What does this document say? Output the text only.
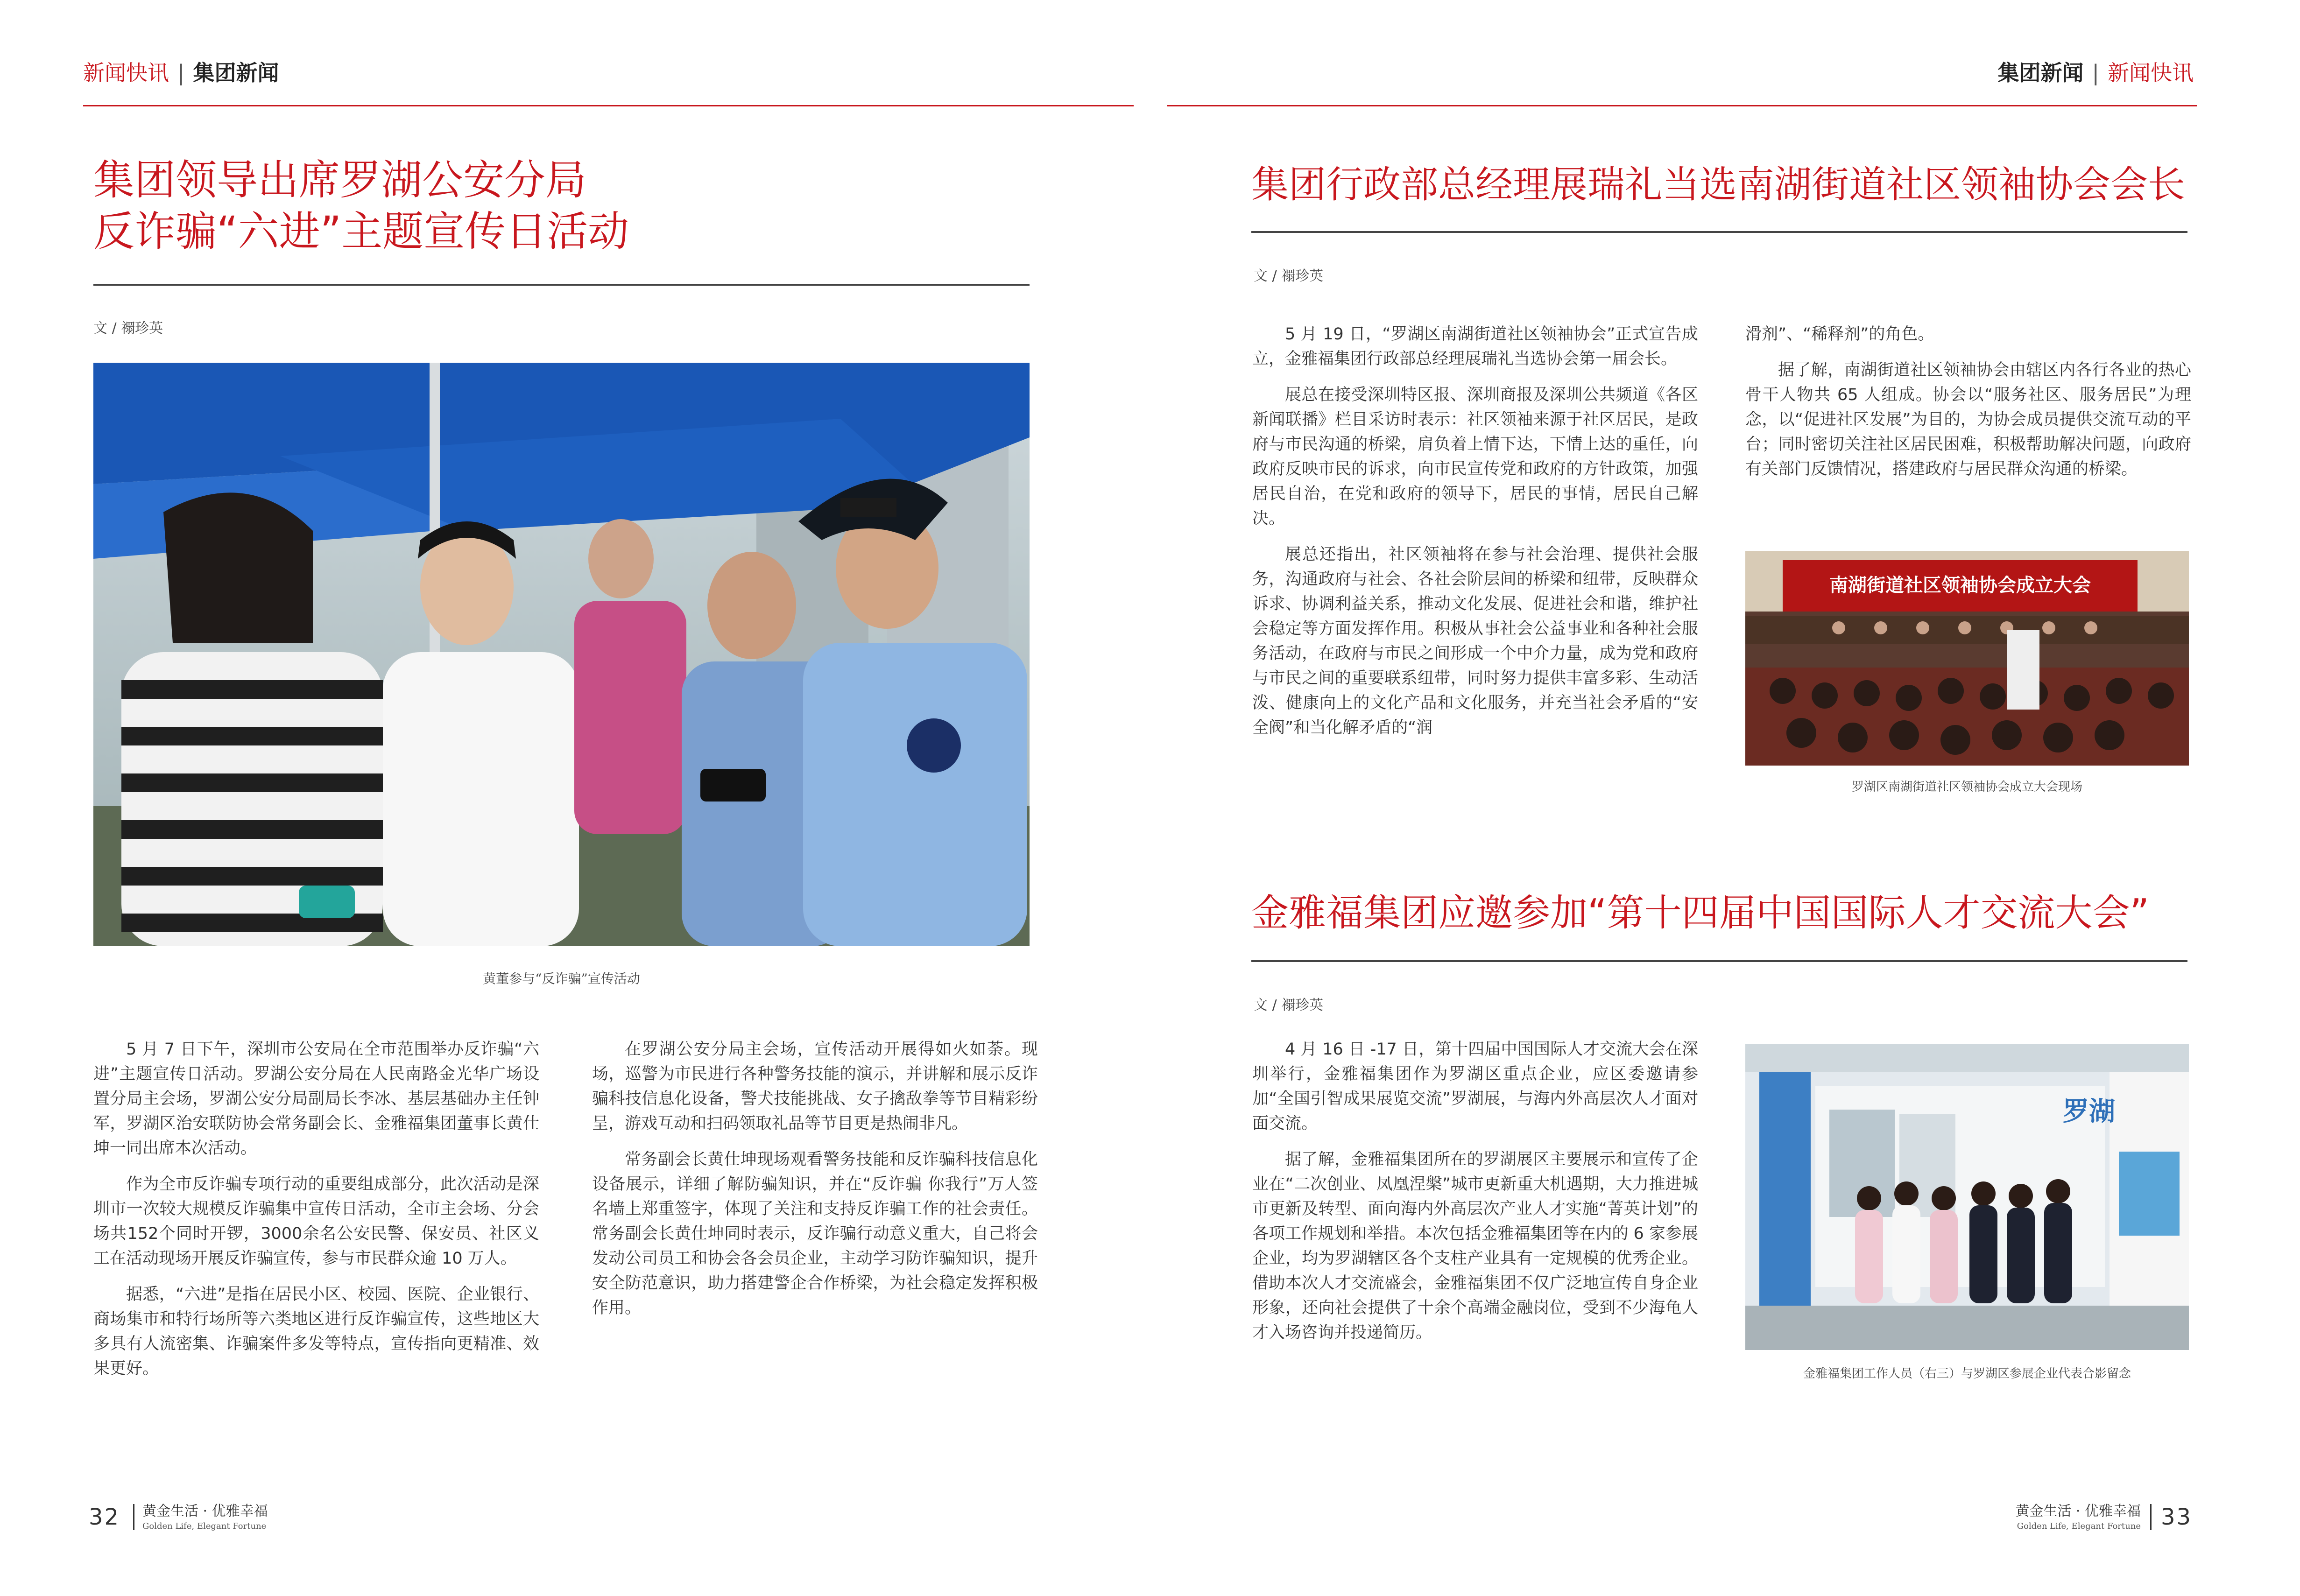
新闻快讯 | 集团新闻
集团领导出席罗湖公安分局
反诈骗“六进”主题宣传日活动
文 / 禤珍英
黄董参与“反诈骗”宣传活动

5 月 7 日下午，深圳市公安局在全市范围举办反诈骗“六进”主题宣传日活动。罗湖公安分局在人民南路金光华广场设置分局主会场，罗湖公安分局副局长李冰、基层基础办主任钟军，罗湖区治安联防协会常务副会长、金雅福集团董事长黄仕坤一同出席本次活动。

作为全市反诈骗专项行动的重要组成部分，此次活动是深圳市一次较大规模反诈骗集中宣传日活动，全市主会场、分会场共152个同时开锣，3000余名公安民警、保安员、社区义工在活动现场开展反诈骗宣传，参与市民群众逾 10 万人。

据悉，“六进”是指在居民小区、校园、医院、企业银行、商场集市和特行场所等六类地区进行反诈骗宣传，这些地区大多具有人流密集、诈骗案件多发等特点，宣传指向更精准、效果更好。

在罗湖公安分局主会场，宣传活动开展得如火如荼。现场，巡警为市民进行各种警务技能的演示，并讲解和展示反诈骗科技信息化设备，警犬技能挑战、女子擒敌拳等节目精彩纷呈，游戏互动和扫码领取礼品等节目更是热闹非凡。

常务副会长黄仕坤现场观看警务技能和反诈骗科技信息化设备展示，详细了解防骗知识，并在“反诈骗 你我行”万人签名墙上郑重签字，体现了关注和支持反诈骗工作的社会责任。常务副会长黄仕坤同时表示，反诈骗行动意义重大，自己将会发动公司员工和协会各会员企业，主动学习防诈骗知识，提升安全防范意识，助力搭建警企合作桥梁，为社会稳定发挥积极作用。

32 黄金生活 · 优雅幸福
Golden Life, Elegant Fortune
集团新闻 | 新闻快讯
集团行政部总经理展瑞礼当选南湖街道社区领袖协会会长
文 / 禤珍英

5 月 19 日，“罗湖区南湖街道社区领袖协会”正式宣告成立，金雅福集团行政部总经理展瑞礼当选协会第一届会长。

展总在接受深圳特区报、深圳商报及深圳公共频道《各区新闻联播》栏目采访时表示：社区领袖来源于社区居民，是政府与市民沟通的桥梁，肩负着上情下达，下情上达的重任，向政府反映市民的诉求，向市民宣传党和政府的方针政策，加强居民自治，在党和政府的领导下，居民的事情，居民自己解决。

展总还指出，社区领袖将在参与社会治理、提供社会服务，沟通政府与社会、各社会阶层间的桥梁和纽带，反映群众诉求、协调利益关系，推动文化发展、促进社会和谐，维护社会稳定等方面发挥作用。积极从事社会公益事业和各种社会服务活动，在政府与市民之间形成一个中介力量，成为党和政府与市民之间的重要联系纽带，同时努力提供丰富多彩、生动活泼、健康向上的文化产品和文化服务，并充当社会矛盾的“安全阀”和当化解矛盾的“润

滑剂”、“稀释剂”的角色。

据了解，南湖街道社区领袖协会由辖区内各行各业的热心骨干人物共 65 人组成。协会以“服务社区、服务居民”为理念，以“促进社区发展”为目的，为协会成员提供交流互动的平台；同时密切关注社区居民困难，积极帮助解决问题，向政府有关部门反馈情况，搭建政府与居民群众沟通的桥梁。

南湖街道社区领袖协会成立大会
罗湖区南湖街道社区领袖协会成立大会现场
金雅福集团应邀参加“第十四届中国国际人才交流大会”
文 / 禤珍英

4 月 16 日 -17 日，第十四届中国国际人才交流大会在深圳举行，金雅福集团作为罗湖区重点企业，应区委邀请参加“全国引智成果展览交流”罗湖展，与海内外高层次人才面对面交流。

据了解，金雅福集团所在的罗湖展区主要展示和宣传了企业在“二次创业、凤凰涅槃”城市更新重大机遇期，大力推进城市更新及转型、面向海内外高层次产业人才实施“菁英计划”的各项工作规划和举措。本次包括金雅福集团等在内的 6 家参展企业，均为罗湖辖区各个支柱产业具有一定规模的优秀企业。借助本次人才交流盛会，金雅福集团不仅广泛地宣传自身企业形象，还向社会提供了十余个高端金融岗位，受到不少海龟人才入场咨询并投递简历。

罗湖
金雅福集团工作人员（右三）与罗湖区参展企业代表合影留念
黄金生活 · 优雅幸福
Golden Life, Elegant Fortune 33
